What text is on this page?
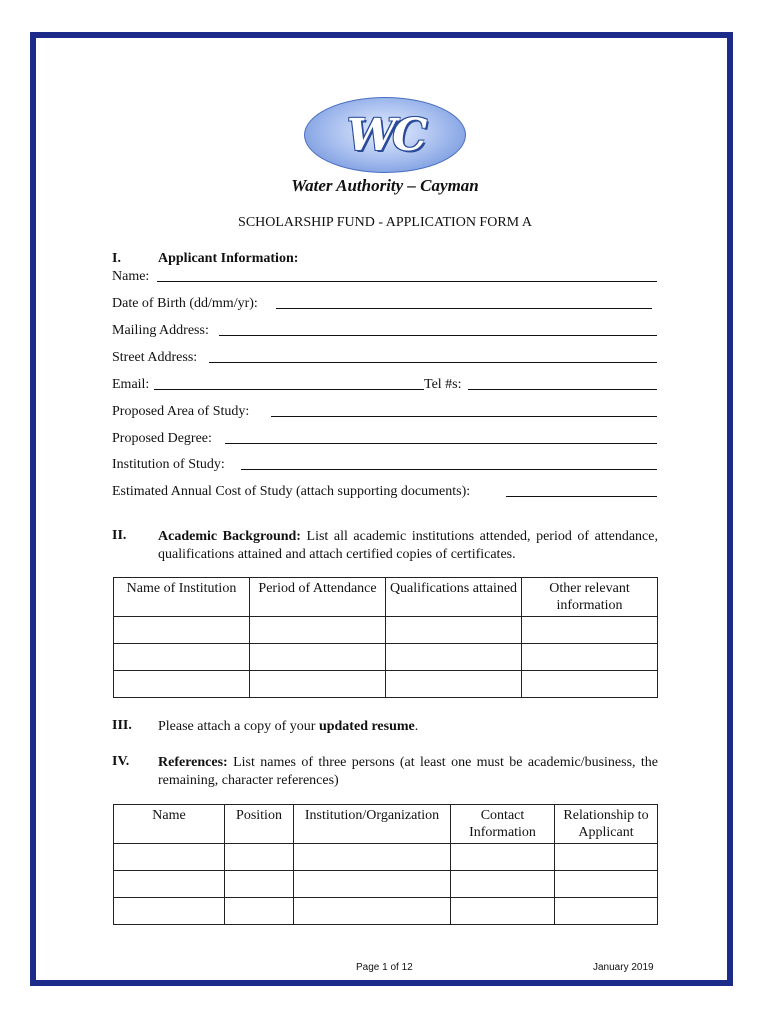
WC
Water Authority – Cayman
SCHOLARSHIP FUND - APPLICATION FORM A
I.	Applicant Information:
Name:
Date of Birth (dd/mm/yr):
Mailing Address:
Street Address:
Email:	Tel #s:
Proposed Area of Study:
Proposed Degree:
Institution of Study:
Estimated Annual Cost of Study (attach supporting documents):
II. Academic Background: List all academic institutions attended, period of attendance, qualifications attained and attach certified copies of certificates.
Name of Institution	Period of Attendance	Qualifications attained	Other relevant information

III. Please attach a copy of your updated resume.
IV. References: List names of three persons (at least one must be academic/business, the remaining, character references)
Name	Position	Institution/Organization	Contact Information	Relationship to Applicant

Page 1 of 12	January 2019
